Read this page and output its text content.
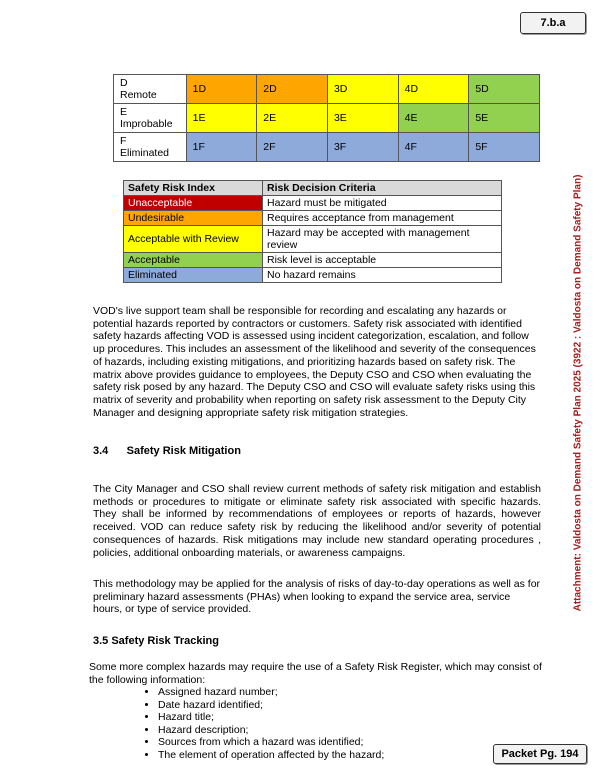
7.b.a
Attachment: Valdosta on Demand Safety Plan 2025 (3922 : Valdosta on Demand Safety Plan)
D
Remote	1D	2D	3D	4D	5D
E
Improbable	1E	2E	3E	4E	5E
F
Eliminated	1F	2F	3F	4F	5F
Safety Risk Index	Risk Decision Criteria
Unacceptable	Hazard must be mitigated
Undesirable	Requires acceptance from management
Acceptable with Review	Hazard may be accepted with management review
Acceptable	Risk level is acceptable
Eliminated	No hazard remains
VOD's live support team shall be responsible for recording and escalating any hazards or potential hazards reported by contractors or customers. Safety risk associated with identified safety hazards affecting VOD is assessed using incident categorization, escalation, and follow up procedures. This includes an assessment of the likelihood and severity of the consequences of hazards, including existing mitigations, and prioritizing hazards based on safety risk. The matrix above provides guidance to employees, the Deputy CSO and CSO when evaluating the safety risk posed by any hazard. The Deputy CSO and CSO will evaluate safety risks using this matrix of severity and probability when reporting on safety risk assessment to the Deputy City Manager and designing appropriate safety risk mitigation strategies.
3.4      Safety Risk Mitigation
The City Manager and CSO shall review current methods of safety risk mitigation and establish methods or procedures to mitigate or eliminate safety risk associated with specific hazards. They shall be informed by recommendations of employees or reports of hazards, however received. VOD can reduce safety risk by reducing the likelihood and/or severity of potential consequences of hazards. Risk mitigations may include new standard operating procedures , policies, additional onboarding materials, or awareness campaigns.
This methodology may be applied for the analysis of risks of day-to-day operations as well as for preliminary hazard assessments (PHAs) when looking to expand the service area, service hours, or type of service provided.
3.5 Safety Risk Tracking
Some more complex hazards may require the use of a Safety Risk Register, which may consist of the following information:
• Assigned hazard number;
• Date hazard identified;
• Hazard title;
• Hazard description;
• Sources from which a hazard was identified;
• The element of operation affected by the hazard;	Packet Pg. 194
